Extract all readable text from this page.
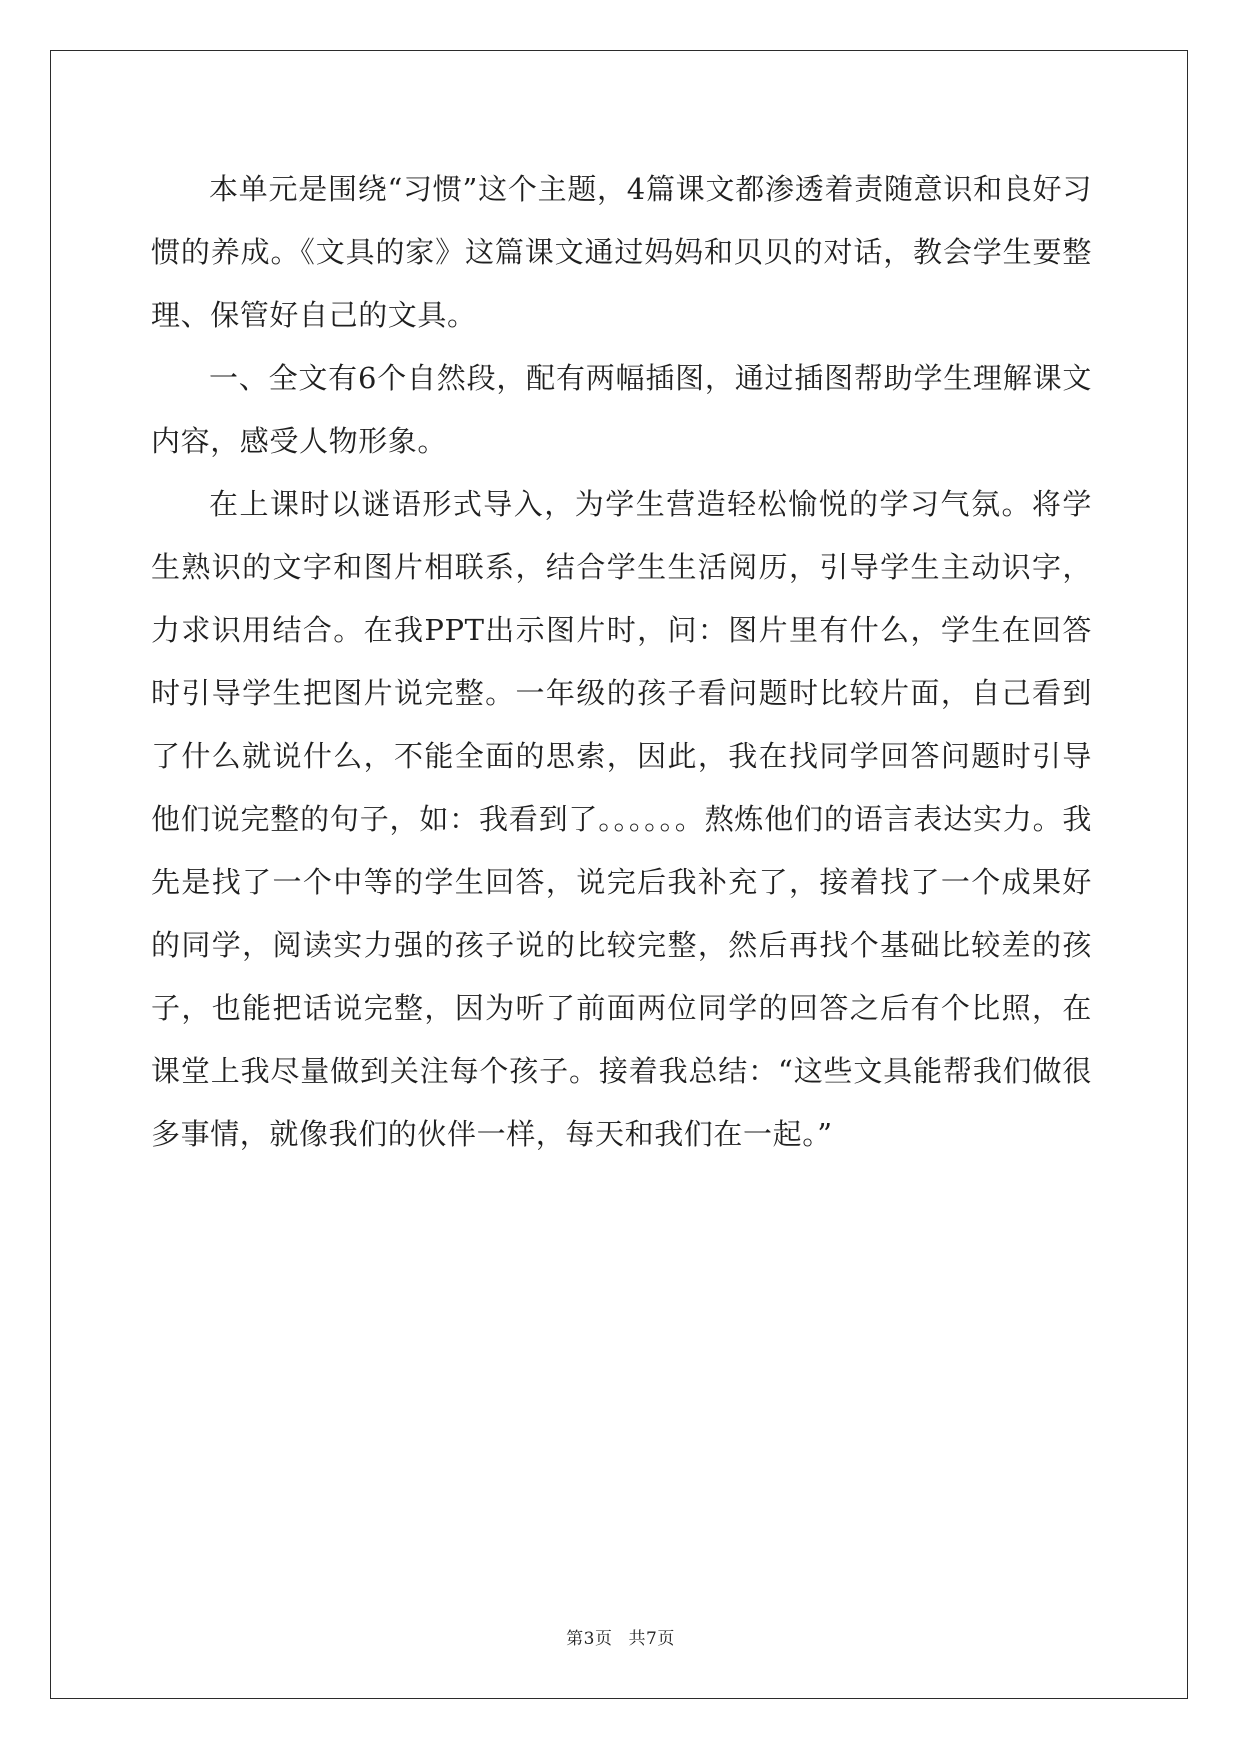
本单元是围绕“习惯”这个主题，4篇课文都渗透着责随意识和良好习惯的养成。《文具的家》这篇课文通过妈妈和贝贝的对话，教会学生要整理、保管好自己的文具。

一、全文有6个自然段，配有两幅插图，通过插图帮助学生理解课文内容，感受人物形象。

在上课时以谜语形式导入，为学生营造轻松愉悦的学习气氛。将学生熟识的文字和图片相联系，结合学生生活阅历，引导学生主动识字，力求识用结合。在我PPT出示图片时，问：图片里有什么，学生在回答时引导学生把图片说完整。一年级的孩子看问题时比较片面，自己看到了什么就说什么，不能全面的思索，因此，我在找同学回答问题时引导他们说完整的句子，如：我看到了。。。。。。熬炼他们的语言表达实力。我先是找了一个中等的学生回答，说完后我补充了，接着找了一个成果好的同学，阅读实力强的孩子说的比较完整，然后再找个基础比较差的孩子，也能把话说完整，因为听了前面两位同学的回答之后有个比照，在课堂上我尽量做到关注每个孩子。接着我总结：“这些文具能帮我们做很多事情，就像我们的伙伴一样，每天和我们在一起。”

第3页 共7页
